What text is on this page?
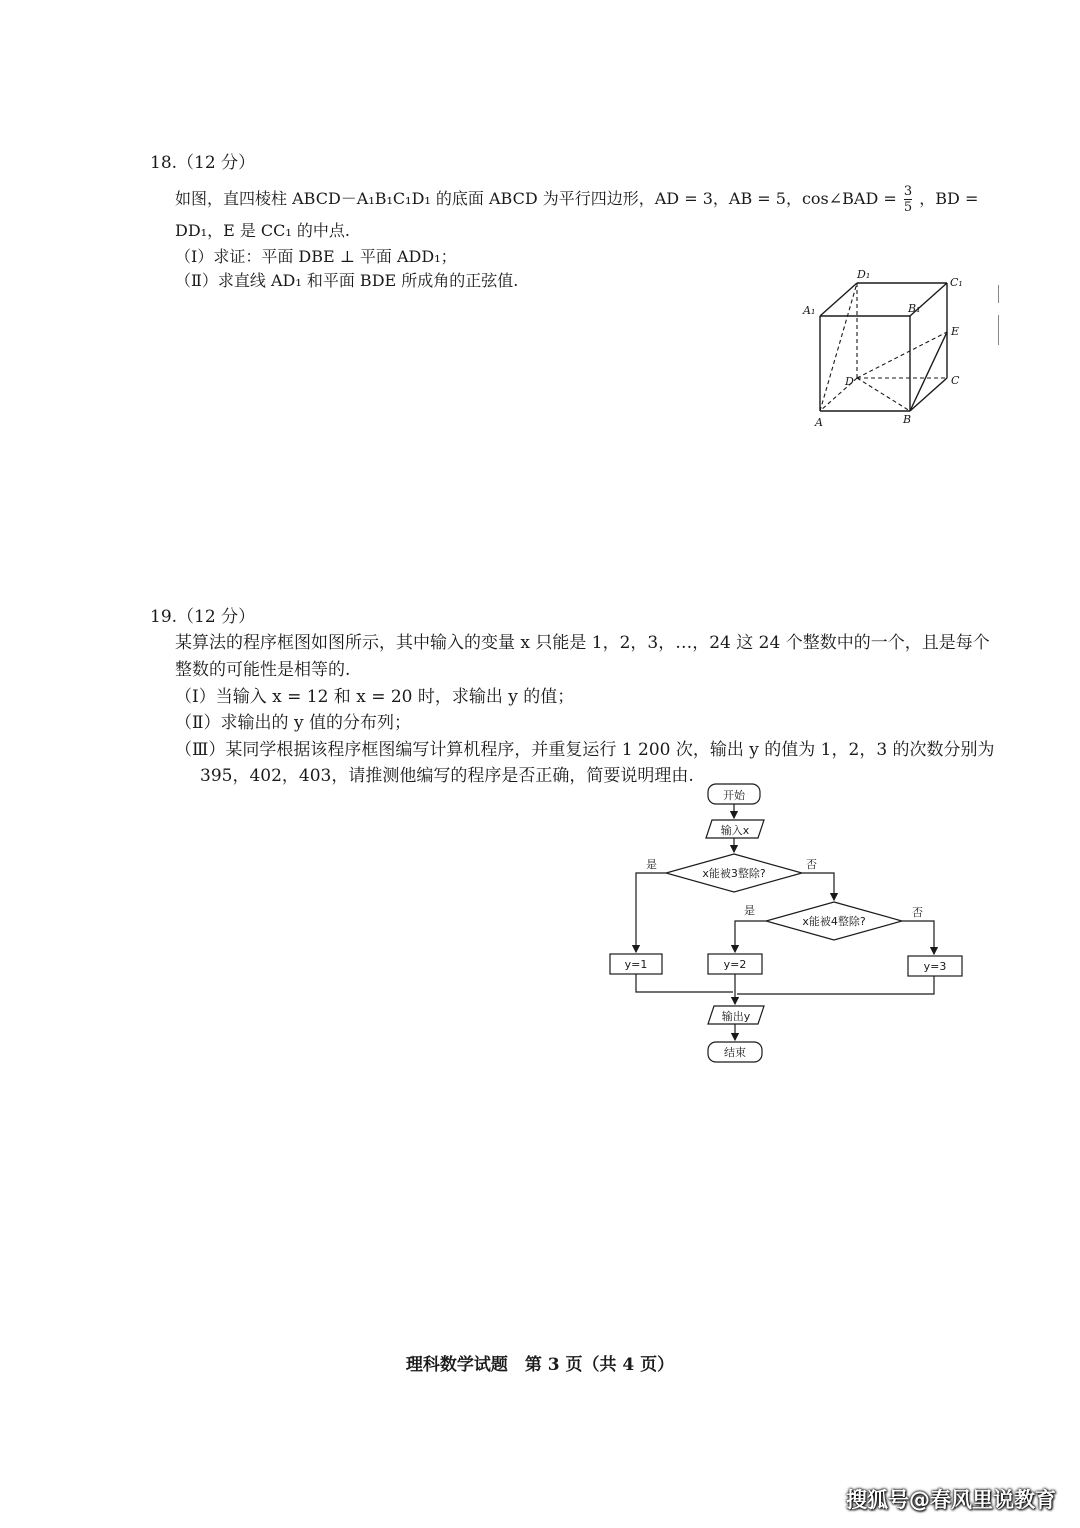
18.（12 分）
如图，直四棱柱 ABCD－A₁B₁C₁D₁ 的底面 ABCD 为平行四边形，AD = 3，AB = 5，cos∠BAD = $\frac{3}{5}$ ，BD =
DD₁，E 是 CC₁ 的中点.
（Ⅰ）求证：平面 DBE ⊥ 平面 ADD₁；
（Ⅱ）求直线 AD₁ 和平面 BDE 所成角的正弦值.	D₁
C₁
A₁	B₁
E
D	C
A	B
19.（12 分）
某算法的程序框图如图所示，其中输入的变量 x 只能是 1，2，3，…，24 这 24 个整数中的一个，且是每个
整数的可能性是相等的.
（Ⅰ）当输入 x = 12 和 x = 20 时，求输出 y 的值；
（Ⅱ）求输出的 y 值的分布列；
（Ⅲ）某同学根据该程序框图编写计算机程序，并重复运行 1 200 次，输出 y 的值为 1，2，3 的次数分别为
395，402，403，请推测他编写的程序是否正确，简要说明理由.
开始
输入x
x能被3整除?
x能被4整除?
是	否
是	否
y=1	y=2	y=3
输出y
结束
理科数学试题　第 3 页（共 4 页）
搜狐号@春风里说教育
